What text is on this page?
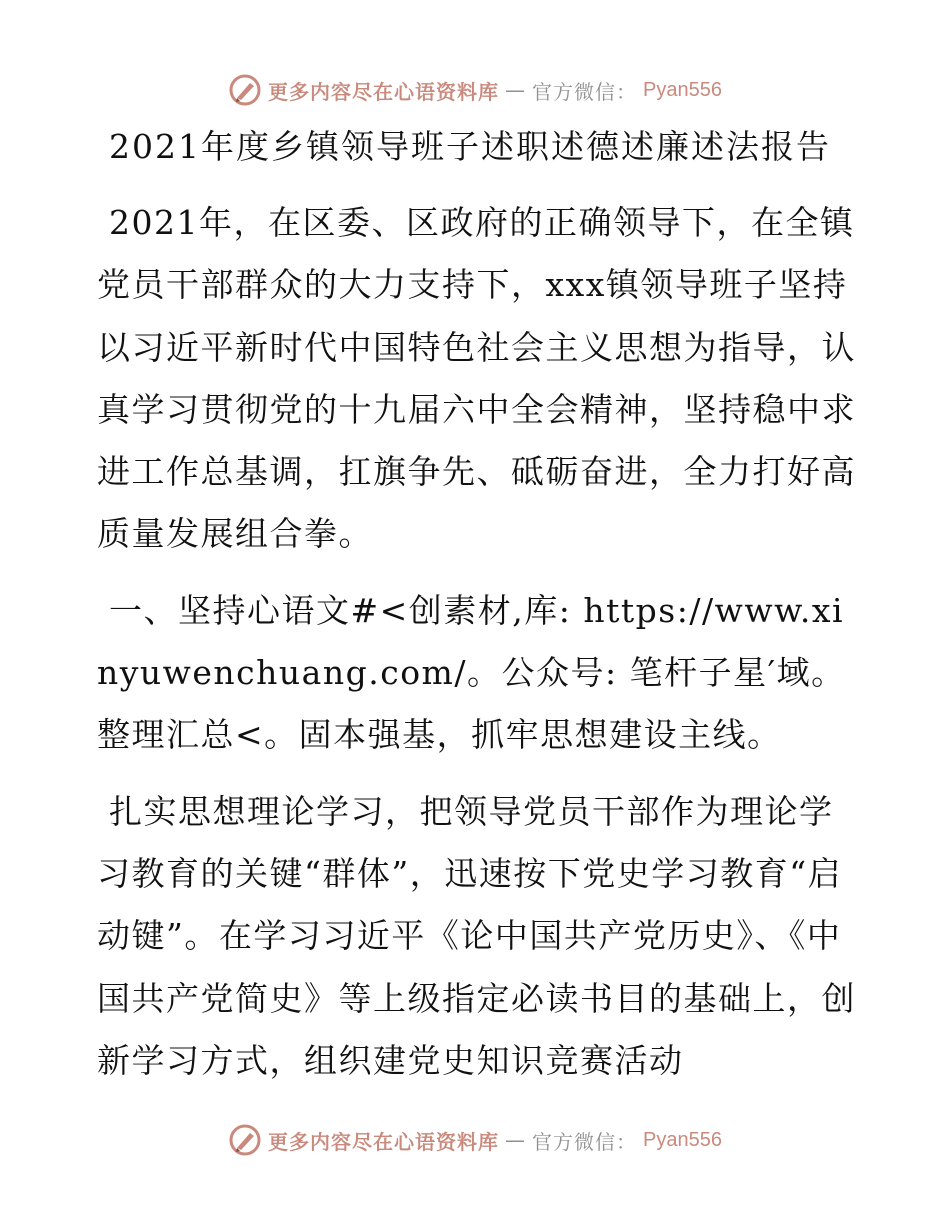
更多内容尽在心语资料库 — 官方微信： Pyan556
2021年度乡镇领导班子述职述德述廉述法报告

2021年，在区委、区政府的正确领导下，在全镇党员干部群众的大力支持下，xxx镇领导班子坚持以习近平新时代中国特色社会主义思想为指导，认真学习贯彻党的十九届六中全会精神，坚持稳中求进工作总基调，扛旗争先、砥砺奋进，全力打好高质量发展组合拳。

一、坚持心语文#<创素材,库: https://www.xinyuwenchuang.com/。公众号: 笔杆子星′域。整理汇总<。固本强基，抓牢思想建设主线。

扎实思想理论学习，把领导党员干部作为理论学习教育的关键“群体”，迅速按下党史学习教育“启动键”。在学习习近平《论中国共产党历史》、《中国共产党简史》等上级指定必读书目的基础上，创新学习方式，组织建党史知识竞赛活动

更多内容尽在心语资料库 — 官方微信： Pyan556
